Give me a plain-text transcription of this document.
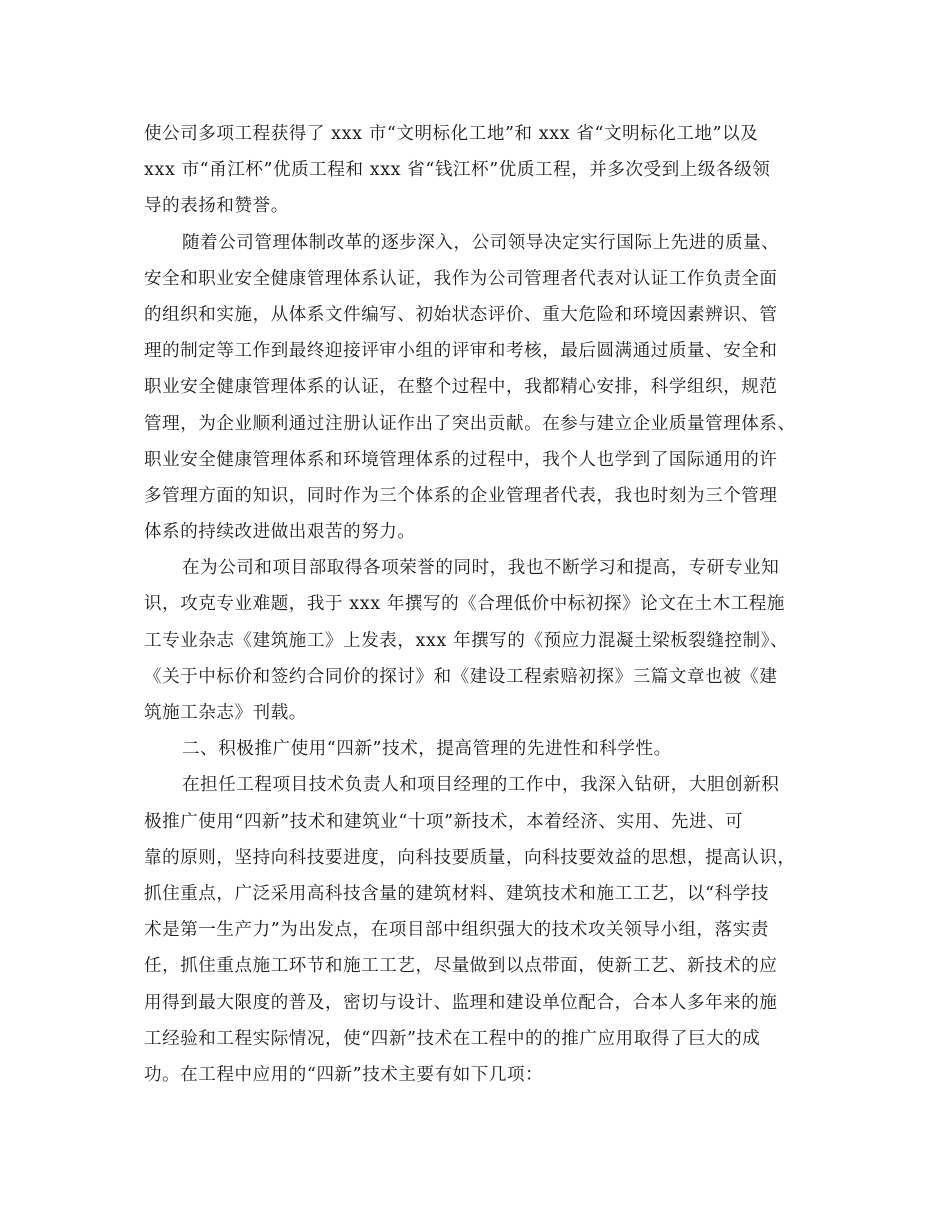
使公司多项工程获得了 xxx 市“文明标化工地”和 xxx 省“文明标化工地”以及
xxx 市“甬江杯”优质工程和 xxx 省“钱江杯”优质工程，并多次受到上级各级领
导的表扬和赞誉。
随着公司管理体制改革的逐步深入，公司领导决定实行国际上先进的质量、
安全和职业安全健康管理体系认证，我作为公司管理者代表对认证工作负责全面
的组织和实施，从体系文件编写、初始状态评价、重大危险和环境因素辨识、管
理的制定等工作到最终迎接评审小组的评审和考核，最后圆满通过质量、安全和
职业安全健康管理体系的认证，在整个过程中，我都精心安排，科学组织，规范
管理，为企业顺利通过注册认证作出了突出贡献。在参与建立企业质量管理体系、
职业安全健康管理体系和环境管理体系的过程中，我个人也学到了国际通用的许
多管理方面的知识，同时作为三个体系的企业管理者代表，我也时刻为三个管理
体系的持续改进做出艰苦的努力。
在为公司和项目部取得各项荣誉的同时，我也不断学习和提高，专研专业知
识，攻克专业难题，我于 xxx 年撰写的《合理低价中标初探》论文在土木工程施
工专业杂志《建筑施工》上发表，xxx 年撰写的《预应力混凝土梁板裂缝控制》、
《关于中标价和签约合同价的探讨》和《建设工程索赔初探》三篇文章也被《建
筑施工杂志》刊载。
二、积极推广使用“四新”技术，提高管理的先进性和科学性。
在担任工程项目技术负责人和项目经理的工作中，我深入钻研，大胆创新积
极推广使用“四新”技术和建筑业“十项”新技术，本着经济、实用、先进、可
靠的原则，坚持向科技要进度，向科技要质量，向科技要效益的思想，提高认识，
抓住重点，广泛采用高科技含量的建筑材料、建筑技术和施工工艺，以“科学技
术是第一生产力”为出发点，在项目部中组织强大的技术攻关领导小组，落实责
任，抓住重点施工环节和施工工艺，尽量做到以点带面，使新工艺、新技术的应
用得到最大限度的普及，密切与设计、监理和建设单位配合，合本人多年来的施
工经验和工程实际情况，使“四新”技术在工程中的的推广应用取得了巨大的成
功。在工程中应用的“四新”技术主要有如下几项：
